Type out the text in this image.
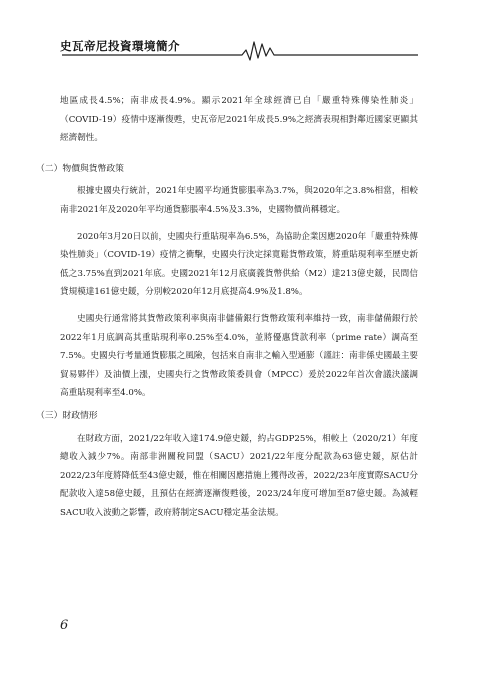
史瓦帝尼投資環境簡介

地區成長4.5%；南非成長4.9%。顯示2021年全球經濟已自「嚴重特殊傳染性肺炎」（COVID-19）疫情中逐漸復甦，史瓦帝尼2021年成長5.9%之經濟表現相對鄰近國家更顯其經濟韌性。

（二）物價與貨幣政策

根據史國央行統計，2021年史國平均通貨膨脹率為3.7%，與2020年之3.8%相當，相較南非2021年及2020年平均通貨膨脹率4.5%及3.3%，史國物價尚稱穩定。

2020年3月20日以前，史國央行重貼現率為6.5%，為協助企業因應2020年「嚴重特殊傳染性肺炎」（COVID-19）疫情之衝擊，史國央行決定採寬鬆貨幣政策，將重貼現利率至歷史新低之3.75%直到2021年底。史國2021年12月底廣義貨幣供給（M2）達213億史鍰，民間信貸規模達161億史鍰，分別較2020年12月底提高4.9%及1.8%。

史國央行通常將其貨幣政策利率與南非儲備銀行貨幣政策利率維持一致，南非儲備銀行於2022年1月底調高其重貼現利率0.25%至4.0%，並將優惠貸款利率（prime rate）調高至7.5%。史國央行考量通貨膨脹之風險，包括來自南非之輸入型通膨（謹註：南非係史國最主要貿易夥伴）及油價上漲，史國央行之貨幣政策委員會（MPCC）爰於2022年首次會議決議調高重貼現利率至4.0%。

（三）財政情形

在財政方面，2021/22年收入達174.9億史鍰，約占GDP25%，相較上（2020/21）年度總收入減少7%。南部非洲關稅同盟（SACU）2021/22年度分配款為63億史鍰，原估計2022/23年度將降低至43億史鍰，惟在相關因應措施上獲得改善，2022/23年度實際SACU分配款收入達58億史鍰，且預估在經濟逐漸復甦後，2023/24年度可增加至87億史鍰。為減輕SACU收入波動之影響，政府將制定SACU穩定基金法規。

6
